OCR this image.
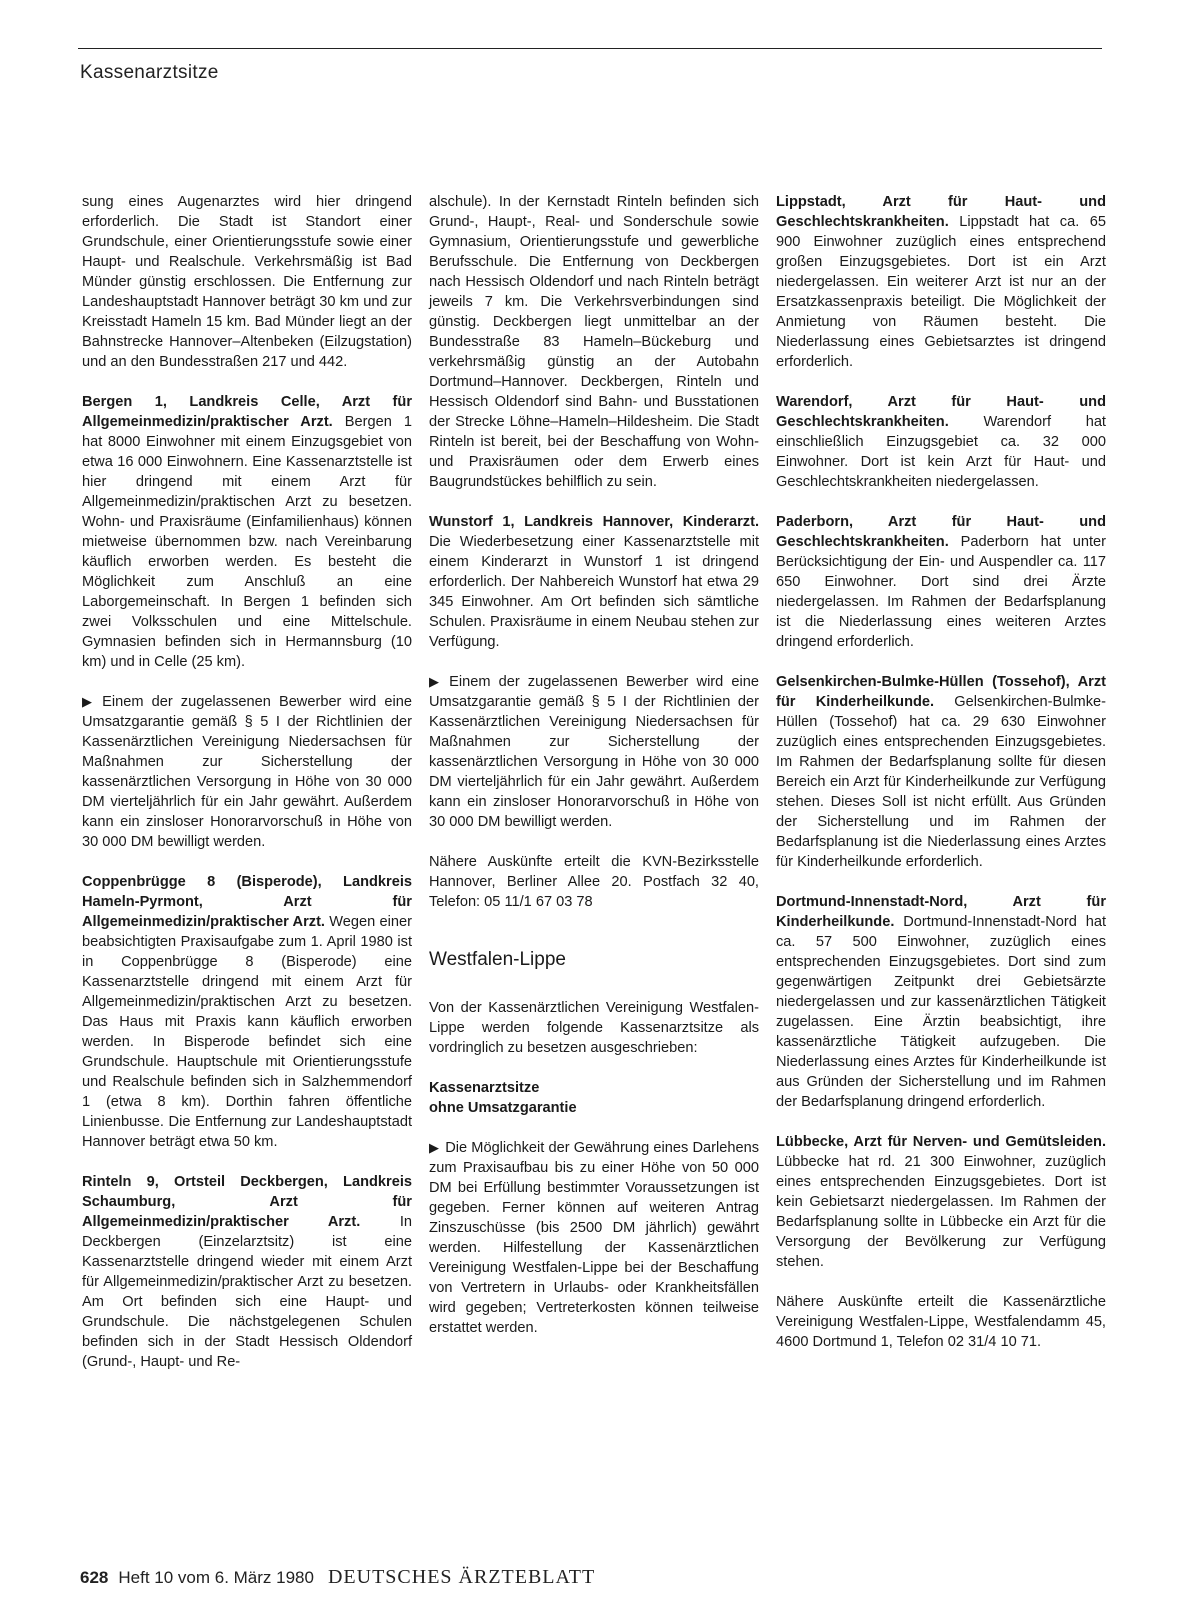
Kassenarztsitze

sung eines Augenarztes wird hier dringend erforderlich. Die Stadt ist Standort einer Grundschule, einer Orientierungsstufe sowie einer Haupt- und Realschule. Verkehrsmäßig ist Bad Münder günstig erschlossen. Die Entfernung zur Landeshauptstadt Hannover beträgt 30 km und zur Kreisstadt Hameln 15 km. Bad Münder liegt an der Bahnstrecke Hannover–Altenbeken (Eilzugstation) und an den Bundesstraßen 217 und 442.

Bergen 1, Landkreis Celle, Arzt für Allgemeinmedizin/praktischer Arzt. Bergen 1 hat 8000 Einwohner mit einem Einzugsgebiet von etwa 16 000 Einwohnern. Eine Kassenarztstelle ist hier dringend mit einem Arzt für Allgemeinmedizin/praktischen Arzt zu besetzen. Wohn- und Praxisräume (Einfamilienhaus) können mietweise übernommen bzw. nach Vereinbarung käuflich erworben werden. Es besteht die Möglichkeit zum Anschluß an eine Laborgemeinschaft. In Bergen 1 befinden sich zwei Volksschulen und eine Mittelschule. Gymnasien befinden sich in Hermannsburg (10 km) und in Celle (25 km).

▶ Einem der zugelassenen Bewerber wird eine Umsatzgarantie gemäß § 5 I der Richtlinien der Kassenärztlichen Vereinigung Niedersachsen für Maßnahmen zur Sicherstellung der kassenärztlichen Versorgung in Höhe von 30 000 DM vierteljährlich für ein Jahr gewährt. Außerdem kann ein zinsloser Honorarvorschuß in Höhe von 30 000 DM bewilligt werden.

Coppenbrügge 8 (Bisperode), Landkreis Hameln-Pyrmont, Arzt für Allgemeinmedizin/praktischer Arzt. Wegen einer beabsichtigten Praxisaufgabe zum 1. April 1980 ist in Coppenbrügge 8 (Bisperode) eine Kassenarztstelle dringend mit einem Arzt für Allgemeinmedizin/praktischen Arzt zu besetzen. Das Haus mit Praxis kann käuflich erworben werden. In Bisperode befindet sich eine Grundschule. Hauptschule mit Orientierungsstufe und Realschule befinden sich in Salzhemmendorf 1 (etwa 8 km). Dorthin fahren öffentliche Linienbusse. Die Entfernung zur Landeshauptstadt Hannover beträgt etwa 50 km.

Rinteln 9, Ortsteil Deckbergen, Landkreis Schaumburg, Arzt für Allgemeinmedizin/praktischer Arzt. In Deckbergen (Einzelarztsitz) ist eine Kassenarztstelle dringend wieder mit einem Arzt für Allgemeinmedizin/praktischer Arzt zu besetzen. Am Ort befinden sich eine Haupt- und Grundschule. Die nächstgelegenen Schulen befinden sich in der Stadt Hessisch Oldendorf (Grund-, Haupt- und Re-

alschule). In der Kernstadt Rinteln befinden sich Grund-, Haupt-, Real- und Sonderschule sowie Gymnasium, Orientierungsstufe und gewerbliche Berufsschule. Die Entfernung von Deckbergen nach Hessisch Oldendorf und nach Rinteln beträgt jeweils 7 km. Die Verkehrsverbindungen sind günstig. Deckbergen liegt unmittelbar an der Bundesstraße 83 Hameln–Bückeburg und verkehrsmäßig günstig an der Autobahn Dortmund–Hannover. Deckbergen, Rinteln und Hessisch Oldendorf sind Bahn- und Busstationen der Strecke Löhne–Hameln–Hildesheim. Die Stadt Rinteln ist bereit, bei der Beschaffung von Wohn- und Praxisräumen oder dem Erwerb eines Baugrundstückes behilflich zu sein.

Wunstorf 1, Landkreis Hannover, Kinderarzt. Die Wiederbesetzung einer Kassenarztstelle mit einem Kinderarzt in Wunstorf 1 ist dringend erforderlich. Der Nahbereich Wunstorf hat etwa 29 345 Einwohner. Am Ort befinden sich sämtliche Schulen. Praxisräume in einem Neubau stehen zur Verfügung.

▶ Einem der zugelassenen Bewerber wird eine Umsatzgarantie gemäß § 5 I der Richtlinien der Kassenärztlichen Vereinigung Niedersachsen für Maßnahmen zur Sicherstellung der kassenärztlichen Versorgung in Höhe von 30 000 DM vierteljährlich für ein Jahr gewährt. Außerdem kann ein zinsloser Honorarvorschuß in Höhe von 30 000 DM bewilligt werden.

Nähere Auskünfte erteilt die KVN-Bezirksstelle Hannover, Berliner Allee 20. Postfach 32 40, Telefon: 05 11/1 67 03 78

Westfalen-Lippe

Von der Kassenärztlichen Vereinigung Westfalen-Lippe werden folgende Kassenarztsitze als vordringlich zu besetzen ausgeschrieben:

Kassenarztsitze
ohne Umsatzgarantie

▶ Die Möglichkeit der Gewährung eines Darlehens zum Praxisaufbau bis zu einer Höhe von 50 000 DM bei Erfüllung bestimmter Voraussetzungen ist gegeben. Ferner können auf weiteren Antrag Zinszuschüsse (bis 2500 DM jährlich) gewährt werden. Hilfestellung der Kassenärztlichen Vereinigung Westfalen-Lippe bei der Beschaffung von Vertretern in Urlaubs- oder Krankheitsfällen wird gegeben; Vertreterkosten können teilweise erstattet werden.

Lippstadt, Arzt für Haut- und Geschlechtskrankheiten. Lippstadt hat ca. 65 900 Einwohner zuzüglich eines entsprechend großen Einzugsgebietes. Dort ist ein Arzt niedergelassen. Ein weiterer Arzt ist nur an der Ersatzkassenpraxis beteiligt. Die Möglichkeit der Anmietung von Räumen besteht. Die Niederlassung eines Gebietsarztes ist dringend erforderlich.

Warendorf, Arzt für Haut- und Geschlechtskrankheiten. Warendorf hat einschließlich Einzugsgebiet ca. 32 000 Einwohner. Dort ist kein Arzt für Haut- und Geschlechtskrankheiten niedergelassen.

Paderborn, Arzt für Haut- und Geschlechtskrankheiten. Paderborn hat unter Berücksichtigung der Ein- und Auspendler ca. 117 650 Einwohner. Dort sind drei Ärzte niedergelassen. Im Rahmen der Bedarfsplanung ist die Niederlassung eines weiteren Arztes dringend erforderlich.

Gelsenkirchen-Bulmke-Hüllen (Tossehof), Arzt für Kinderheilkunde. Gelsenkirchen-Bulmke-Hüllen (Tossehof) hat ca. 29 630 Einwohner zuzüglich eines entsprechenden Einzugsgebietes. Im Rahmen der Bedarfsplanung sollte für diesen Bereich ein Arzt für Kinderheilkunde zur Verfügung stehen. Dieses Soll ist nicht erfüllt. Aus Gründen der Sicherstellung und im Rahmen der Bedarfsplanung ist die Niederlassung eines Arztes für Kinderheilkunde erforderlich.

Dortmund-Innenstadt-Nord, Arzt für Kinderheilkunde. Dortmund-Innenstadt-Nord hat ca. 57 500 Einwohner, zuzüglich eines entsprechenden Einzugsgebietes. Dort sind zum gegenwärtigen Zeitpunkt drei Gebietsärzte niedergelassen und zur kassenärztlichen Tätigkeit zugelassen. Eine Ärztin beabsichtigt, ihre kassenärztliche Tätigkeit aufzugeben. Die Niederlassung eines Arztes für Kinderheilkunde ist aus Gründen der Sicherstellung und im Rahmen der Bedarfsplanung dringend erforderlich.

Lübbecke, Arzt für Nerven- und Gemütsleiden. Lübbecke hat rd. 21 300 Einwohner, zuzüglich eines entsprechenden Einzugsgebietes. Dort ist kein Gebietsarzt niedergelassen. Im Rahmen der Bedarfsplanung sollte in Lübbecke ein Arzt für die Versorgung der Bevölkerung zur Verfügung stehen.

Nähere Auskünfte erteilt die Kassenärztliche Vereinigung Westfalen-Lippe, Westfalendamm 45, 4600 Dortmund 1, Telefon 02 31/4 10 71.

628 Heft 10 vom 6. März 1980 DEUTSCHES ÄRZTEBLATT
